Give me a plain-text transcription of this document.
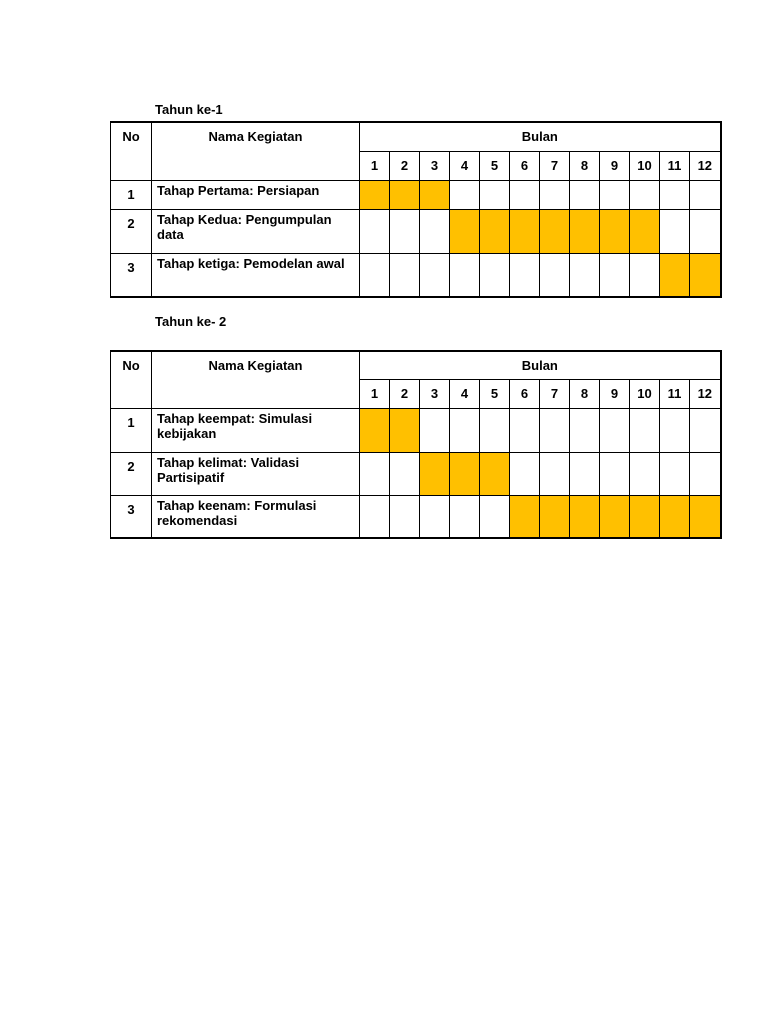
Tahun ke-1
No	Nama Kegiatan	Bulan											
		1	2	3	4	5	6	7	8	9	10	11	12
1	Tahap Pertama: Persiapan												
2	Tahap Kedua: Pengumpulan data												
3	Tahap ketiga: Pemodelan awal												
Tahun ke- 2
No	Nama Kegiatan	Bulan											
		1	2	3	4	5	6	7	8	9	10	11	12
1	Tahap keempat: Simulasi kebijakan												
2	Tahap kelimat: Validasi Partisipatif												
3	Tahap keenam: Formulasi rekomendasi												
